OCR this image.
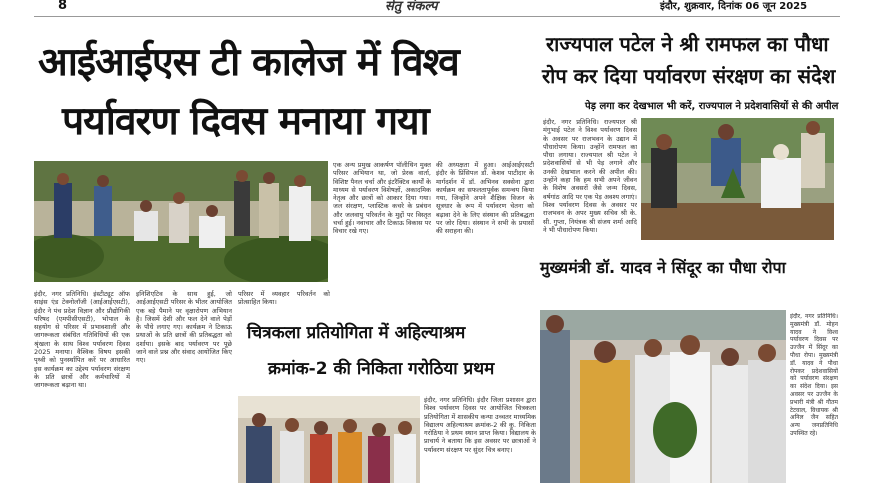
8	सेतु संकल्प	इंदौर, शुक्रवार, दिनांक 06 जून 2025
आईआईएस टी कालेज में विश्व
पर्यावरण दिवस मनाया गया
इंदौर, नगर प्रतिनिधि। इंस्टीट्यूट ऑफ साइंस एंड टेक्नोलॉजी (आईआईएसटी), इंदौर ने पंच प्रदेश विज्ञान और प्रौद्योगिकी परिषद (एमपीसीएसटी), भोपाल के सहयोग से परिसर में प्रभावशाली और जागरूकता संबंधित गतिविधियों की एक श्रृंखला के साथ विश्व पर्यावरण दिवस 2025 मनाया। वैश्विक विषय इसकी पृथ्वी को पुनर्स्थापित करें पर आधारित इस कार्यक्रम का उद्देश्य पर्यावरण संरक्षण के प्रति छात्रों और कर्मचारियों में जागरूकता बढ़ाना था।
इनिशिएटिव के साथ हुई, जो आईआईएसटी परिसर के भीतर आयोजित एक बड़े पैमाने पर वृक्षारोपण अभियान है। जिसमें देशी और फल देने वाले पेड़ों के पौधे लगाए गए। कार्यक्रम ने टिकाऊ प्रथाओं के प्रति छात्रों की प्रतिबद्धता को दर्शाया। इसके बाद पर्यावरण पर पूछे जाने वाले प्रश्न और संवाद आयोजित किए गए।
परिसर में व्यवहार परिवर्तन को प्रोत्साहित किया।
एक अन्य प्रमुख आकर्षण पॉलीथिन मुक्त परिसर अभियान था, जो प्रेरक वार्ता, विशिष्ट पैनल चर्चा और इंटरैक्टिव कार्यों के माध्यम से पर्यावरण विशेषज्ञों, अकादमिक नेतृत्व और छात्रों को आकार दिया गया। जल संरक्षण, प्लास्टिक कचरे के प्रबंधन और जलवायु परिवर्तन के मुद्दों पर विस्तृत चर्चा हुई। नवाचार और टिकाऊ विकास पर विचार रखे गए।
की अध्यक्षता में हुआ। आईआईएसटी इंदौर के प्रिंसिपल डॉ. केशव पाटीदार के मार्गदर्शन में डॉ. अभिनव सक्सेना द्वारा कार्यक्रम का सफलतापूर्वक समन्वय किया गया, जिन्होंने अपने शैक्षिक विजन के सूत्रधार के रूप में पर्यावरण चेतना को बढ़ावा देने के लिए संस्थान की प्रतिबद्धता पर जोर दिया। संस्थान ने सभी के प्रयासों की सराहना की।
राज्यपाल पटेल ने श्री रामफल का पौधा
रोप कर दिया पर्यावरण संरक्षण का संदेश
पेड़ लगा कर देखभाल भी करें, राज्यपाल ने प्रदेशवासियों से की अपील
इंदौर, नगर प्रतिनिधि। राज्यपाल श्री मंगुभाई पटेल ने विश्व पर्यावरण दिवस के अवसर पर राजभवन के उद्यान में पौधारोपण किया। उन्होंने रामफल का पौधा लगाया। राज्यपाल श्री पटेल ने प्रदेशवासियों से भी पेड़ लगाने और उनकी देखभाल करने की अपील की। उन्होंने कहा कि हम सभी अपने जीवन के विशेष अवसरों जैसे जन्म दिवस, वर्षगांठ आदि पर एक पेड़ अवश्य लगाएं। विश्व पर्यावरण दिवस के अवसर पर राजभवन के अपर मुख्य सचिव श्री के. सी. गुप्ता, नियंत्रक श्री संजय शर्मा आदि ने भी पौधारोपण किया।
मुख्यमंत्री डॉ. यादव ने सिंदूर का पौधा रोपा
इंदौर, नगर प्रतिनिधि। मुख्यमंत्री डॉ. मोहन यादव ने विश्व पर्यावरण दिवस पर उज्जैन में सिंदूर का पौधा रोपा। मुख्यमंत्री डॉ. यादव ने पौधा रोपकर प्रदेशवासियों को पर्यावरण संरक्षण का संदेश दिया। इस अवसर पर उज्जैन के प्रभारी मंत्री श्री गौतम टेटवाल, विधायक श्री अनिल जैन सहित अन्य जनप्रतिनिधि उपस्थित रहे।
चित्रकला प्रतियोगिता में अहिल्याश्रम
क्रमांक-2 की निकिता गरोठिया प्रथम
इंदौर, नगर प्रतिनिधि। इंदौर जिला प्रशासन द्वारा विश्व पर्यावरण दिवस पर आयोजित चित्रकला प्रतियोगिता में शासकीय कन्या उच्चतर माध्यमिक विद्यालय अहिल्याश्रम क्रमांक-2 की कु. निकिता गरोठिया ने प्रथम स्थान प्राप्त किया। विद्यालय के प्राचार्य ने बताया कि इस अवसर पर छात्राओं ने पर्यावरण संरक्षण पर सुंदर चित्र बनाए।
